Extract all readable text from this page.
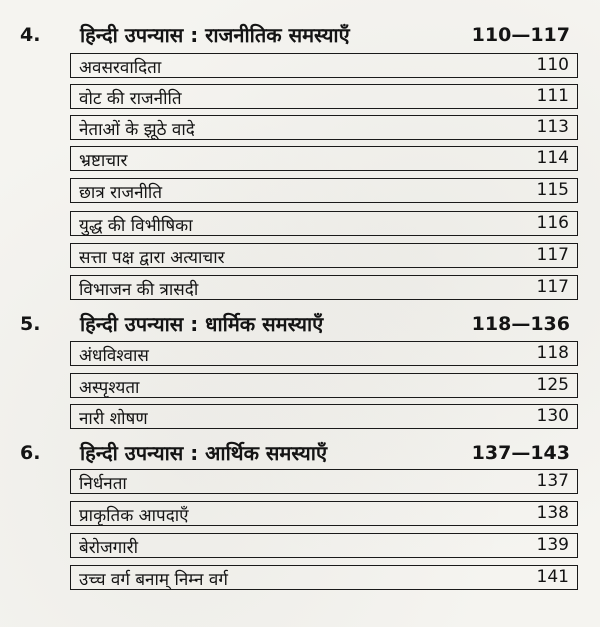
4. हिन्दी उपन्यास : राजनीतिक समस्याएँ	110—117
अवसरवादिता	110
वोट की राजनीति	111
नेताओं के झूठे वादे	113
भ्रष्टाचार	114
छात्र राजनीति	115
युद्ध की विभीषिका	116
सत्ता पक्ष द्वारा अत्याचार	117
विभाजन की त्रासदी	117
5. हिन्दी उपन्यास : धार्मिक समस्याएँ	118—136
अंधविश्वास	118
अस्पृश्यता	125
नारी शोषण	130
6. हिन्दी उपन्यास : आर्थिक समस्याएँ	137—143
निर्धनता	137
प्राकृतिक आपदाएँ	138
बेरोजगारी	139
उच्च वर्ग बनाम् निम्न वर्ग	141
